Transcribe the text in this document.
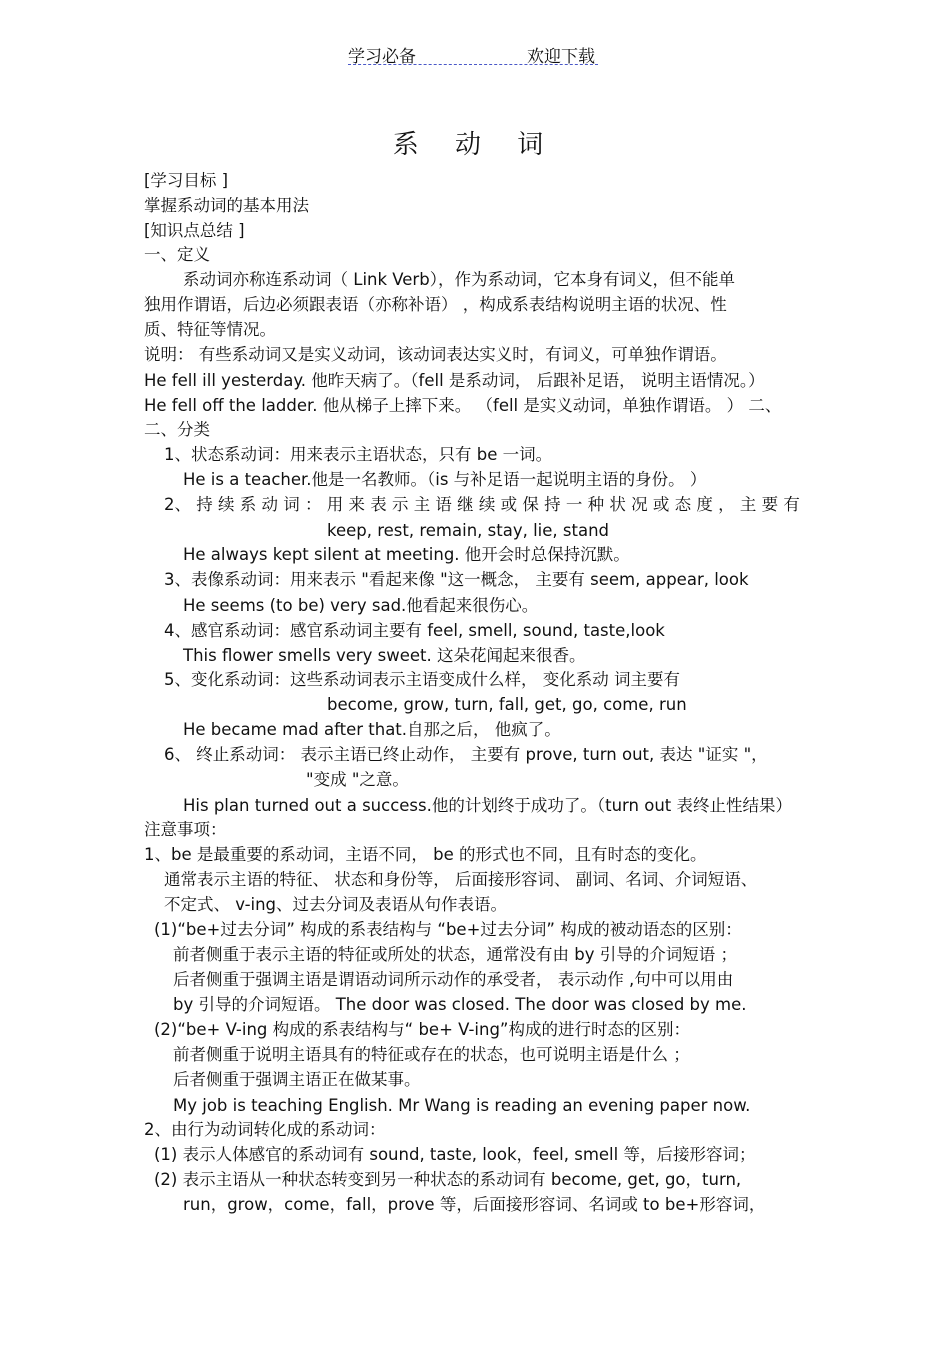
学习必备	欢迎下载
系 动 词
[学习目标 ]
掌握系动词的基本用法
[知识点总结 ]
一、定义
系动词亦称连系动词（ Link Verb），作为系动词，它本身有词义，但不能单
独用作谓语，后边必须跟表语（亦称补语） ，构成系表结构说明主语的状况、性
质、特征等情况。
说明： 有些系动词又是实义动词，该动词表达实义时，有词义，可单独作谓语。
He fell ill yesterday. 他昨天病了。（fell 是系动词， 后跟补足语， 说明主语情况。）
He fell off the ladder. 他从梯子上摔下来。 （fell 是实义动词，单独作谓语。 ） 二、
二、分类
1、状态系动词：用来表示主语状态，只有 be 一词。
He is a teacher.他是一名教师。（is 与补足语一起说明主语的身份。 ）
2、 持 续 系 动 词 ： 用 来 表 示 主 语 继 续 或 保 持 一 种 状 况 或 态 度 ， 主 要 有
keep, rest, remain, stay, lie, stand
He always kept silent at meeting. 他开会时总保持沉默。
3、表像系动词：用来表示 "看起来像 "这一概念， 主要有 seem, appear, look
He seems (to be) very sad.他看起来很伤心。
4、感官系动词：感官系动词主要有 feel, smell, sound, taste,look
This flower smells very sweet. 这朵花闻起来很香。
5、变化系动词：这些系动词表示主语变成什么样， 变化系动 词主要有
become, grow, turn, fall, get, go, come, run
He became mad after that.自那之后， 他疯了。
6、 终止系动词： 表示主语已终止动作， 主要有 prove, turn out, 表达 "证实 "，
"变成 "之意。
His plan turned out a success.他的计划终于成功了。（turn out 表终止性结果）
注意事项：
1、be 是最重要的系动词，主语不同， be 的形式也不同，且有时态的变化。
通常表示主语的特征、 状态和身份等， 后面接形容词、 副词、名词、介词短语、
不定式、 v-ing、过去分词及表语从句作表语。
(1)“be+过去分词” 构成的系表结构与 “be+过去分词” 构成的被动语态的区别：
前者侧重于表示主语的特征或所处的状态，通常没有由 by 引导的介词短语 ；
后者侧重于强调主语是谓语动词所示动作的承受者， 表示动作 ,句中可以用由
by 引导的介词短语。 The door was closed. The door was closed by me.
(2)“be+ V-ing 构成的系表结构与“ be+ V-ing”构成的进行时态的区别：
前者侧重于说明主语具有的特征或存在的状态，也可说明主语是什么 ；
后者侧重于强调主语正在做某事。
My job is teaching English. Mr Wang is reading an evening paper now.
2、由行为动词转化成的系动词：
(1) 表示人体感官的系动词有 sound, taste, look，feel, smell 等，后接形容词；
(2) 表示主语从一种状态转变到另一种状态的系动词有 become, get, go，turn,
run，grow，come，fall，prove 等，后面接形容词、名词或 to be+形容词，
